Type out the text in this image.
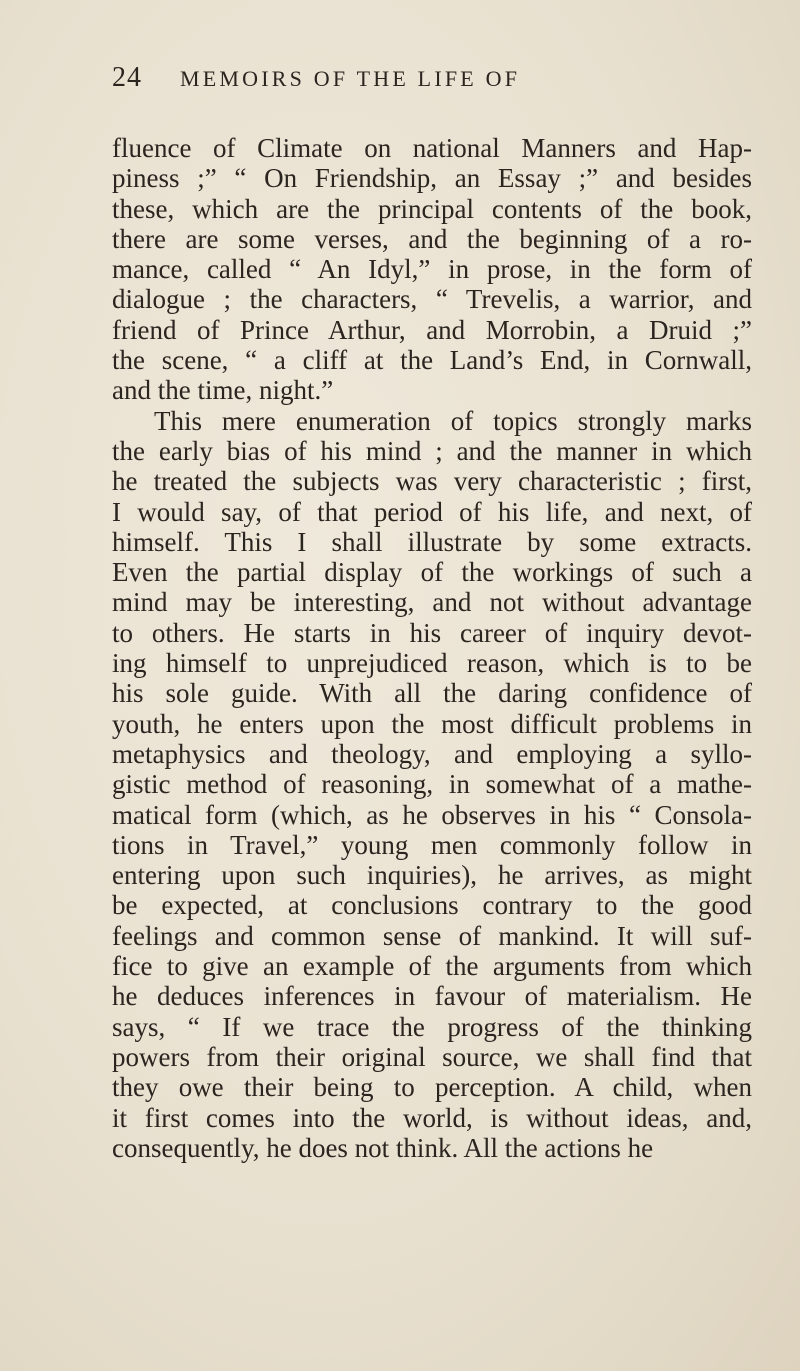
24 MEMOIRS OF THE LIFE OF
fluence of Climate on national Manners and Hap-
piness ;” “ On Friendship, an Essay ;” and besides
these, which are the principal contents of the book,
there are some verses, and the beginning of a ro-
mance, called “ An Idyl,” in prose, in the form of
dialogue ; the characters, “ Trevelis, a warrior, and
friend of Prince Arthur, and Morrobin, a Druid ;”
the scene, “ a cliff at the Land’s End, in Cornwall,
and the time, night.”
This mere enumeration of topics strongly marks
the early bias of his mind ; and the manner in which
he treated the subjects was very characteristic ; first,
I would say, of that period of his life, and next, of
himself. This I shall illustrate by some extracts.
Even the partial display of the workings of such a
mind may be interesting, and not without advantage
to others. He starts in his career of inquiry devot-
ing himself to unprejudiced reason, which is to be
his sole guide. With all the daring confidence of
youth, he enters upon the most difficult problems in
metaphysics and theology, and employing a syllo-
gistic method of reasoning, in somewhat of a mathe-
matical form (which, as he observes in his “ Consola-
tions in Travel,” young men commonly follow in
entering upon such inquiries), he arrives, as might
be expected, at conclusions contrary to the good
feelings and common sense of mankind. It will suf-
fice to give an example of the arguments from which
he deduces inferences in favour of materialism. He
says, “ If we trace the progress of the thinking
powers from their original source, we shall find that
they owe their being to perception. A child, when
it first comes into the world, is without ideas, and,
consequently, he does not think. All the actions he
